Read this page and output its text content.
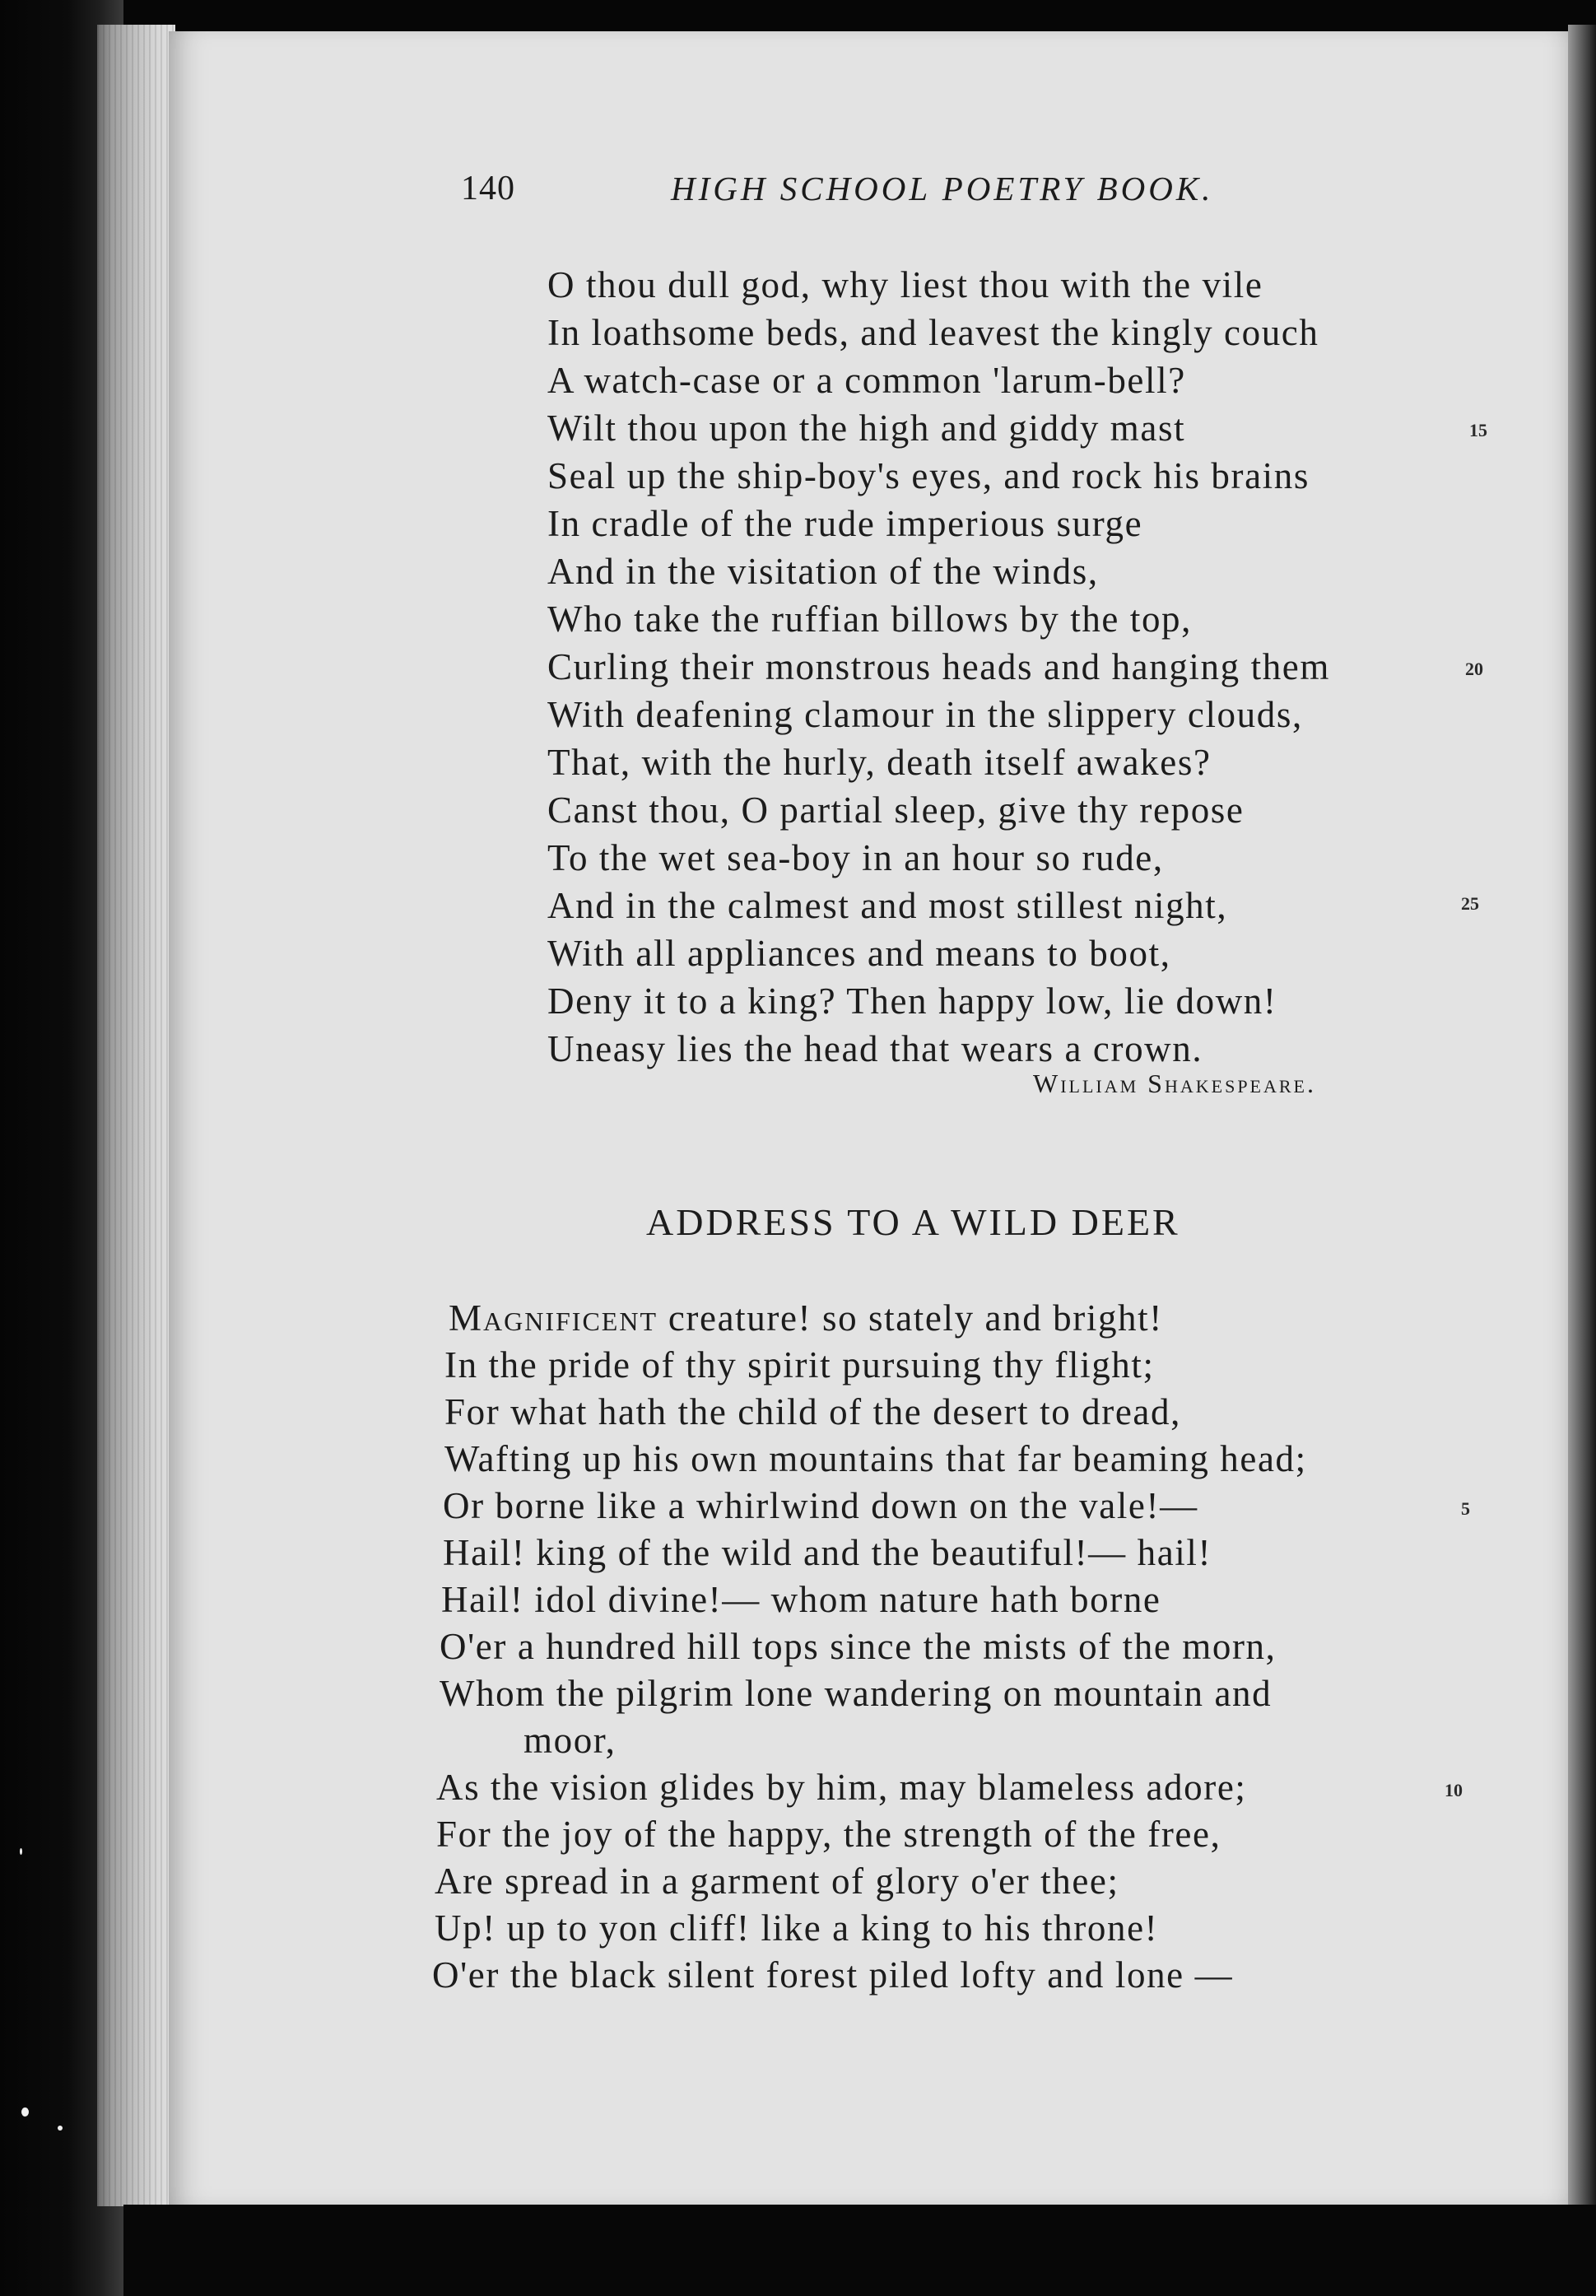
140	HIGH SCHOOL POETRY BOOK.
O thou dull god, why liest thou with the vile
In loathsome beds, and leavest the kingly couch
A watch-case or a common 'larum-bell?
Wilt thou upon the high and giddy mast
Seal up the ship-boy's eyes, and rock his brains
In cradle of the rude imperious surge
And in the visitation of the winds,
Who take the ruffian billows by the top,
Curling their monstrous heads and hanging them
With deafening clamour in the slippery clouds,
That, with the hurly, death itself awakes?
Canst thou, O partial sleep, give thy repose
To the wet sea-boy in an hour so rude,
And in the calmest and most stillest night,
With all appliances and means to boot,
Deny it to a king? Then happy low, lie down!
Uneasy lies the head that wears a crown.
15
20
25
William Shakespeare.
ADDRESS TO A WILD DEER
Magnificent creature! so stately and bright!
In the pride of thy spirit pursuing thy flight;
For what hath the child of the desert to dread,
Wafting up his own mountains that far beaming head;
Or borne like a whirlwind down on the vale!—
Hail! king of the wild and the beautiful!— hail!
Hail! idol divine!— whom nature hath borne
O'er a hundred hill tops since the mists of the morn,
Whom the pilgrim lone wandering on mountain and
moor,
As the vision glides by him, may blameless adore;
For the joy of the happy, the strength of the free,
Are spread in a garment of glory o'er thee;
Up! up to yon cliff! like a king to his throne!
O'er the black silent forest piled lofty and lone —
5
10
